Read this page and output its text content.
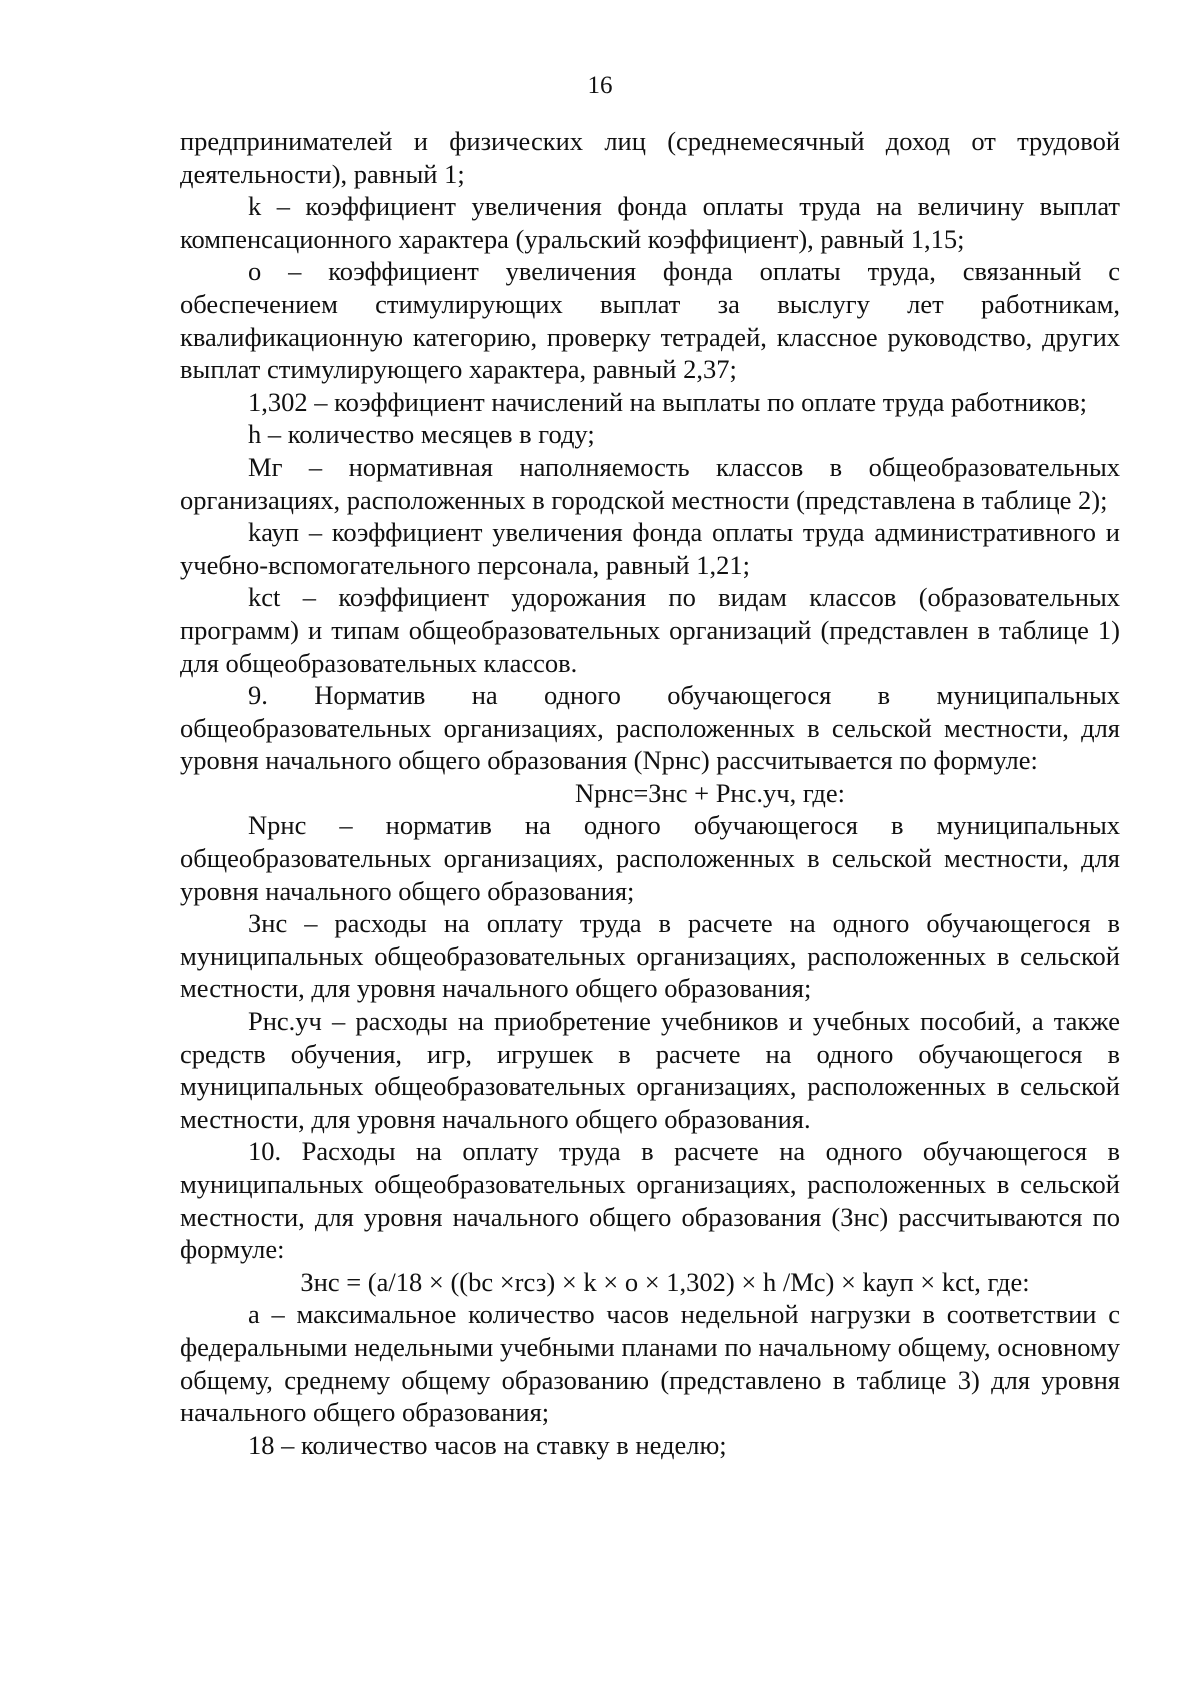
16

предпринимателей и физических лиц (среднемесячный доход от трудовой деятельности), равный 1;

k – коэффициент увеличения фонда оплаты труда на величину выплат компенсационного характера (уральский коэффициент), равный 1,15;

о – коэффициент увеличения фонда оплаты труда, связанный с обеспечением стимулирующих выплат за выслугу лет работникам, квалификационную категорию, проверку тетрадей, классное руководство, других выплат стимулирующего характера, равный 2,37;

1,302 – коэффициент начислений на выплаты по оплате труда работников;

h – количество месяцев в году;

Мг – нормативная наполняемость классов в общеобразовательных организациях, расположенных в городской местности (представлена в таблице 2);

kауп – коэффициент увеличения фонда оплаты труда административного и учебно-вспомогательного персонала, равный 1,21;

kct – коэффициент удорожания по видам классов (образовательных программ) и типам общеобразовательных организаций (представлен в таблице 1) для общеобразовательных классов.

9. Норматив на одного обучающегося в муниципальных общеобразовательных организациях, расположенных в сельской местности, для уровня начального общего образования (Nрнс) рассчитывается по формуле:

Nрнс=Знс + Рнс.уч, где:

Nрнс – норматив на одного обучающегося в муниципальных общеобразовательных организациях, расположенных в сельской местности, для уровня начального общего образования;

Знс – расходы на оплату труда в расчете на одного обучающегося в муниципальных общеобразовательных организациях, расположенных в сельской местности, для уровня начального общего образования;

Рнс.уч – расходы на приобретение учебников и учебных пособий, а также средств обучения, игр, игрушек в расчете на одного обучающегося в муниципальных общеобразовательных организациях, расположенных в сельской местности, для уровня начального общего образования.

10. Расходы на оплату труда в расчете на одного обучающегося в муниципальных общеобразовательных организациях, расположенных в сельской местности, для уровня начального общего образования (Знс) рассчитываются по формуле:

Знс = (а/18 × ((bс ×rсз) × k × о × 1,302) × h /Мс) × kауп × kct, где:

а – максимальное количество часов недельной нагрузки в соответствии с федеральными недельными учебными планами по начальному общему, основному общему, среднему общему образованию (представлено в таблице 3) для уровня начального общего образования;

18 – количество часов на ставку в неделю;
